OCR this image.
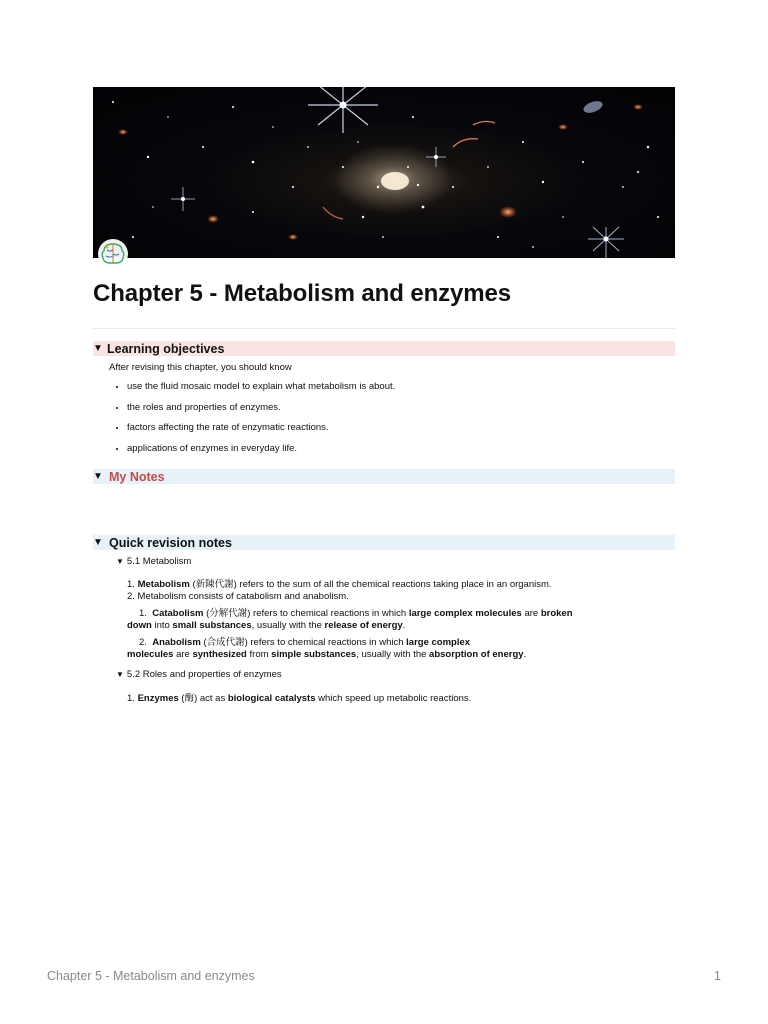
Chapter 5 - Metabolism and enzymes
▼ Learning objectives
After revising this chapter, you should know
• use the fluid mosaic model to explain what metabolism is about.
• the roles and properties of enzymes.
• factors affecting the rate of enzymatic reactions.
• applications of enzymes in everyday life.
▼ My Notes
▼ Quick revision notes
▼ 5.1 Metabolism
1. Metabolism (新陳代謝) refers to the sum of all the chemical reactions taking place in an organism.
2. Metabolism consists of catabolism and anabolism.
1. Catabolism (分解代謝) refers to chemical reactions in which large complex molecules are broken
down into small substances, usually with the release of energy.
2. Anabolism (合成代謝) refers to chemical reactions in which large complex
molecules are synthesized from simple substances, usually with the absorption of energy.
▼ 5.2 Roles and properties of enzymes
1. Enzymes (酶) act as biological catalysts which speed up metabolic reactions.
Chapter 5 - Metabolism and enzymes	1
